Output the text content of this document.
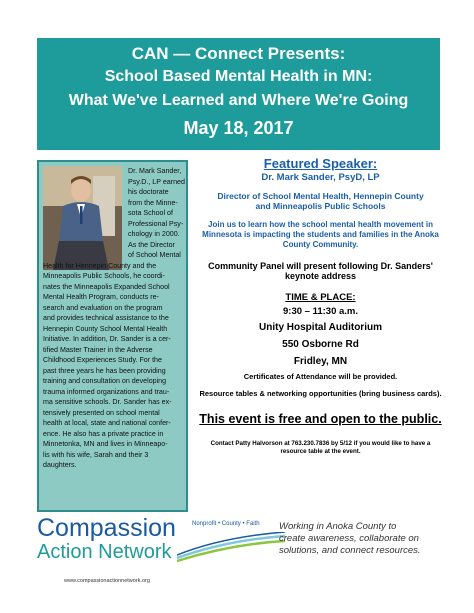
CAN — Connect Presents:
School Based Mental Health in MN:
What We've Learned and Where We're Going
May 18, 2017
Dr. Mark Sander,
Psy.D., LP earned
his doctorate
from the Minne-
sota School of
Professional Psy-
chology in 2000.
As the Director
of School Mental
Health for Hennepin County and the
Minneapolis Public Schools, he coordi-
nates the Minneapolis Expanded School
Mental Health Program, conducts re-
search and evaluation on the program
and provides technical assistance to the
Hennepin County School Mental Health
Initiative. In addition, Dr. Sander is a cer-
tified Master Trainer in the Adverse
Childhood Experiences Study. For the
past three years he has been providing
training and consultation on developing
trauma informed organizations and trau-
ma sensitive schools. Dr. Sander has ex-
tensively presented on school mental
health at local, state and national confer-
ence. He also has a private practice in
Minnetonka, MN and lives in Minneapo-
lis with his wife, Sarah and their 3
daughters.
Featured Speaker:
Dr. Mark Sander, PsyD, LP
Director of School Mental Health, Hennepin County
and Minneapolis Public Schools
Join us to learn how the school mental health movement in
Minnesota is impacting the students and families in the Anoka
County Community.
Community Panel will present following Dr. Sanders'
keynote address
TIME & PLACE:
9:30 – 11:30 a.m.
Unity Hospital Auditorium
550 Osborne Rd
Fridley, MN
Certificates of Attendance will be provided.
Resource tables & networking opportunities (bring business cards).
This event is free and open to the public.
Contact Patty Halvorson at 763.230.7836 by 5/12 if you would like to have a
resource table at the event.
Compassion	Nonprofit • County • Faith
Action Network
www.compassionactionnetwork.org
Working in Anoka County to
create awareness, collaborate on
solutions, and connect resources.
